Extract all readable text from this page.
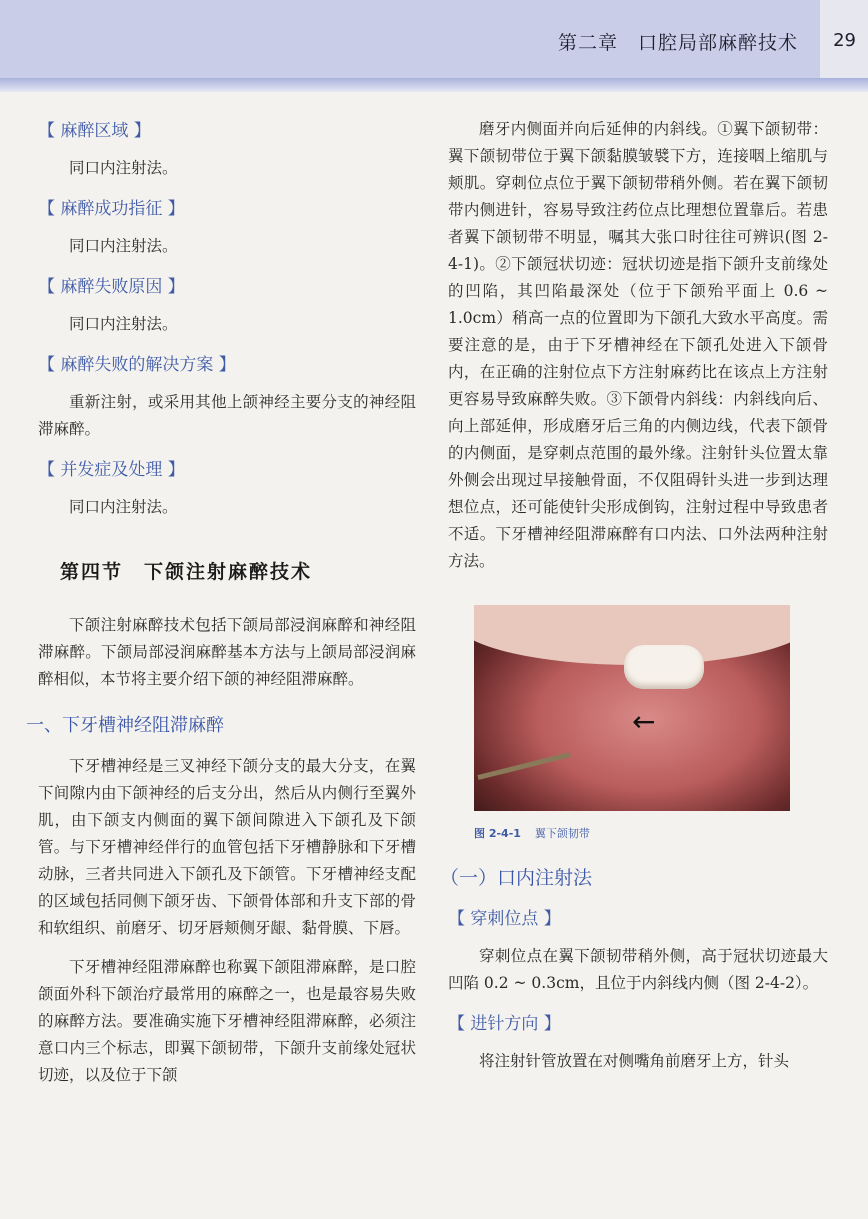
第二章　口腔局部麻醉技术 29
【 麻醉区域 】

同口内注射法。

【 麻醉成功指征 】

同口内注射法。

【 麻醉失败原因 】

同口内注射法。

【 麻醉失败的解决方案 】

重新注射，或采用其他上颌神经主要分支的神经阻滞麻醉。

【 并发症及处理 】

同口内注射法。

第四节　下颌注射麻醉技术

下颌注射麻醉技术包括下颌局部浸润麻醉和神经阻滞麻醉。下颌局部浸润麻醉基本方法与上颌局部浸润麻醉相似，本节将主要介绍下颌的神经阻滞麻醉。

一、下牙槽神经阻滞麻醉

下牙槽神经是三叉神经下颌分支的最大分支，在翼下间隙内由下颌神经的后支分出，然后从内侧行至翼外肌，由下颌支内侧面的翼下颌间隙进入下颌孔及下颌管。与下牙槽神经伴行的血管包括下牙槽静脉和下牙槽动脉，三者共同进入下颌孔及下颌管。下牙槽神经支配的区域包括同侧下颌牙齿、下颌骨体部和升支下部的骨和软组织、前磨牙、切牙唇颊侧牙龈、黏骨膜、下唇。

下牙槽神经阻滞麻醉也称翼下颌阻滞麻醉，是口腔颌面外科下颌治疗最常用的麻醉之一，也是最容易失败的麻醉方法。要准确实施下牙槽神经阻滞麻醉，必须注意口内三个标志，即翼下颌韧带，下颌升支前缘处冠状切迹，以及位于下颌

磨牙内侧面并向后延伸的内斜线。①翼下颌韧带：翼下颌韧带位于翼下颌黏膜皱襞下方，连接咽上缩肌与颊肌。穿刺位点位于翼下颌韧带稍外侧。若在翼下颌韧带内侧进针，容易导致注药位点比理想位置靠后。若患者翼下颌韧带不明显，嘱其大张口时往往可辨识(图 2-4-1)。②下颌冠状切迹：冠状切迹是指下颌升支前缘处的凹陷，其凹陷最深处（位于下颌殆平面上 0.6 ~ 1.0cm）稍高一点的位置即为下颌孔大致水平高度。需要注意的是，由于下牙槽神经在下颌孔处进入下颌骨内，在正确的注射位点下方注射麻药比在该点上方注射更容易导致麻醉失败。③下颌骨内斜线：内斜线向后、向上部延伸，形成磨牙后三角的内侧边线，代表下颌骨的内侧面，是穿刺点范围的最外缘。注射针头位置太靠外侧会出现过早接触骨面，不仅阻碍针头进一步到达理想位点，还可能使针尖形成倒钩，注射过程中导致患者不适。下牙槽神经阻滞麻醉有口内法、口外法两种注射方法。

←
图 2-4-1 翼下颌韧带
（一）口内注射法
【 穿刺位点 】

穿刺位点在翼下颌韧带稍外侧，高于冠状切迹最大凹陷 0.2 ~ 0.3cm，且位于内斜线内侧（图 2-4-2）。

【 进针方向 】

将注射针管放置在对侧嘴角前磨牙上方，针头
